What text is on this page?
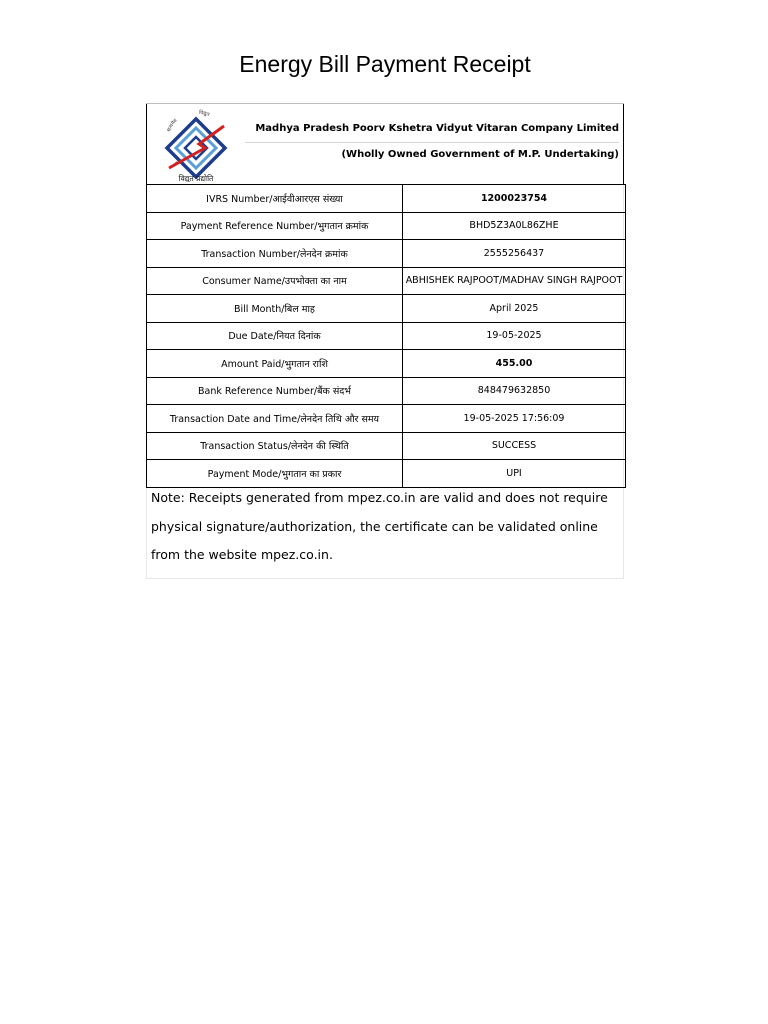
Energy Bill Payment Receipt
सत्यमेव
विद्युत
विद्युत प्रद्योति
Madhya Pradesh Poorv Kshetra Vidyut Vitaran Company Limited
(Wholly Owned Government of M.P. Undertaking)
IVRS Number/आईवीआरएस संख्या	1200023754
Payment Reference Number/भुगतान क्रमांक	BHD5Z3A0L86ZHE
Transaction Number/लेनदेन क्रमांक	2555256437
Consumer Name/उपभोक्ता का नाम	ABHISHEK RAJPOOT/MADHAV SINGH RAJPOOT
Bill Month/बिल माह	April 2025
Due Date/नियत दिनांक	19-05-2025
Amount Paid/भुगतान राशि	455.00
Bank Reference Number/बैंक संदर्भ	848479632850
Transaction Date and Time/लेनदेन तिथि और समय	19-05-2025 17:56:09
Transaction Status/लेनदेन की स्थिति	SUCCESS
Payment Mode/भुगतान का प्रकार	UPI

Note: Receipts generated from mpez.co.in are valid and does not require

physical signature/authorization, the certificate can be validated online

from the website mpez.co.in.
